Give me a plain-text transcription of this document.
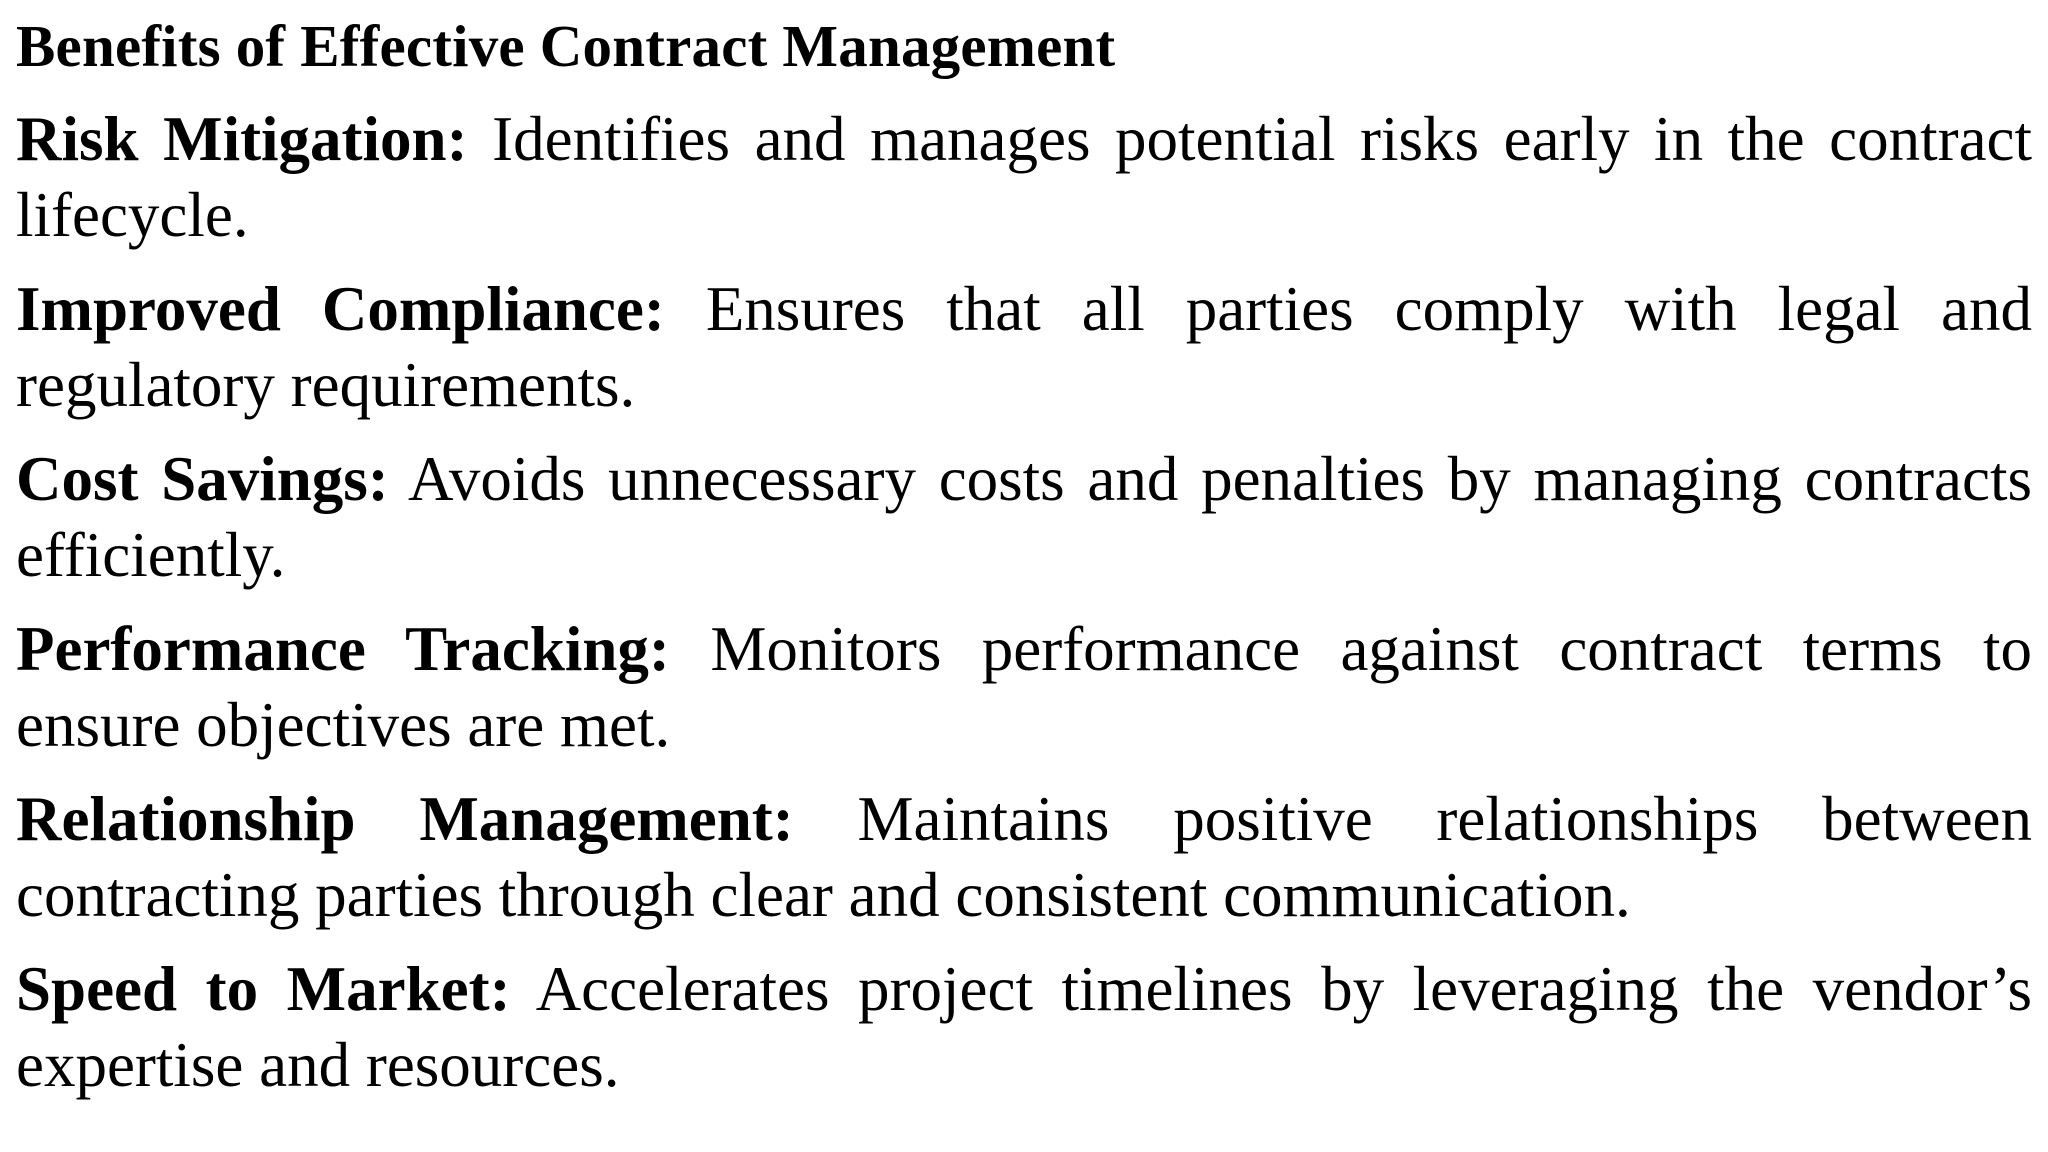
Benefits of Effective Contract Management

Risk Mitigation: Identifies and manages potential risks early in the contract lifecycle.

Improved Compliance: Ensures that all parties comply with legal and regulatory requirements.

Cost Savings: Avoids unnecessary costs and penalties by managing contracts efficiently.

Performance Tracking: Monitors performance against contract terms to ensure objectives are met.

Relationship Management: Maintains positive relationships between contracting parties through clear and consistent communication.

Speed to Market: Accelerates project timelines by leveraging the vendor’s expertise and resources.
